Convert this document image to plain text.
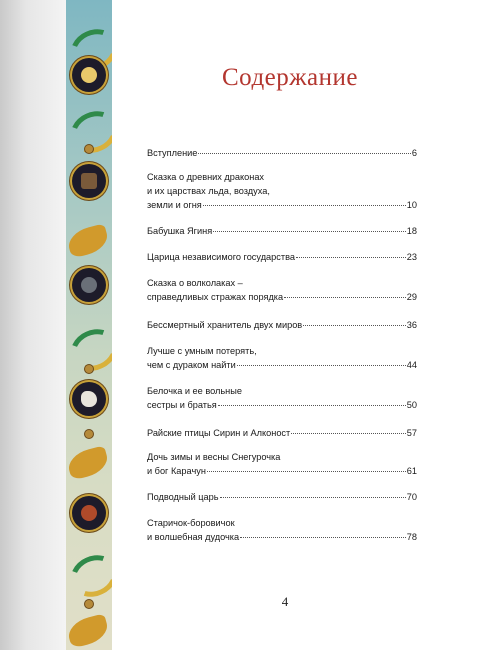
Содержание
Вступление	6
Сказка о древних драконах
и их царствах льда, воздуха,
земли и огня	10
Бабушка Ягиня	18
Царица независимого государства	23
Сказка о волколаках –
справедливых стражах порядка	29
Бессмертный хранитель двух миров	36
Лучше с умным потерять,
чем с дураком найти	44
Белочка и ее вольные
сестры и братья	50
Райские птицы Сирин и Алконост	57
Дочь зимы и весны Снегурочка
и бог Карачун	61
Подводный царь	70
Старичок-боровичок
и волшебная дудочка	78
4
